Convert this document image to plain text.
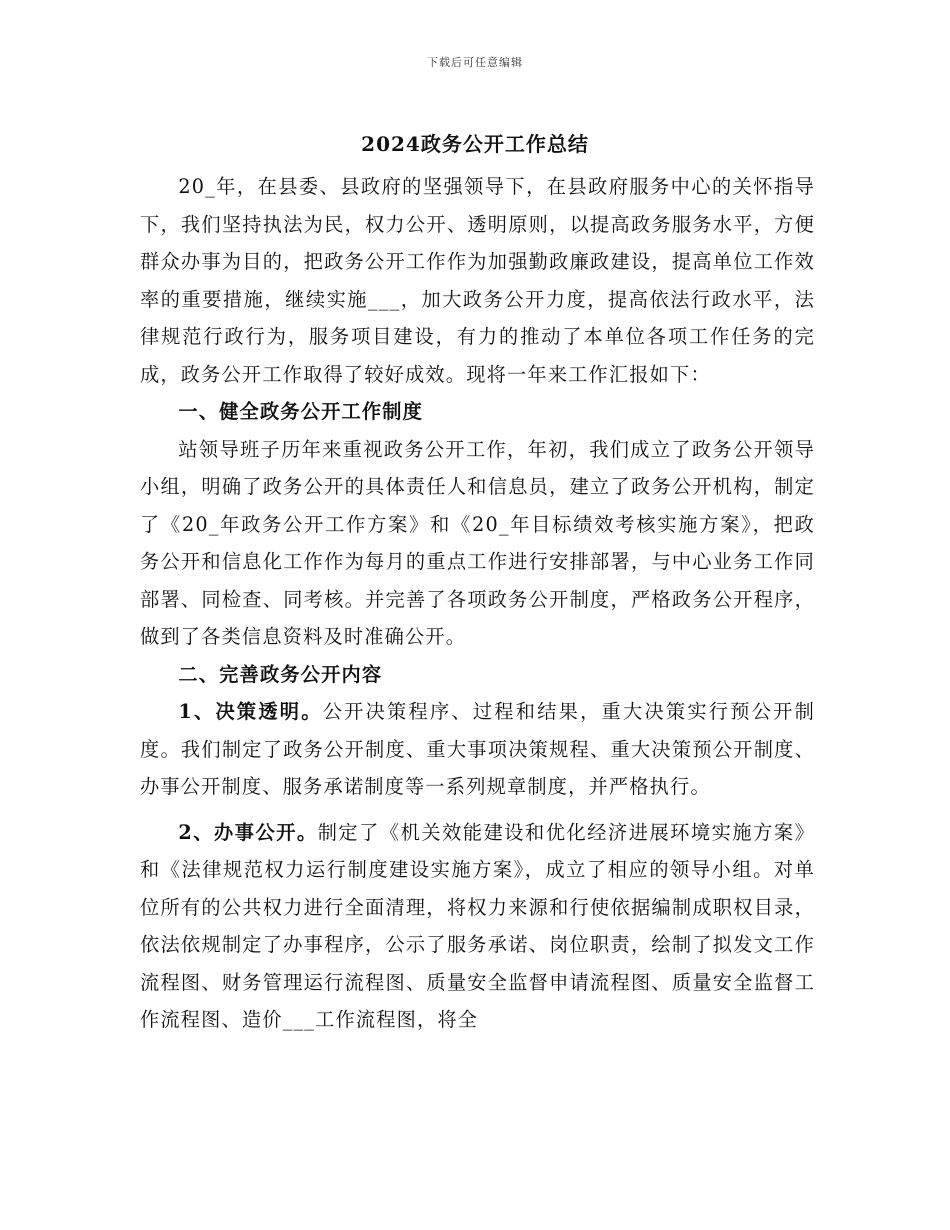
下载后可任意编辑
2024政务公开工作总结

20_年，在县委、县政府的坚强领导下，在县政府服务中心的关怀指导下，我们坚持执法为民，权力公开、透明原则，以提高政务服务水平，方便群众办事为目的，把政务公开工作作为加强勤政廉政建设，提高单位工作效率的重要措施，继续实施___，加大政务公开力度，提高依法行政水平，法律规范行政行为，服务项目建设，有力的推动了本单位各项工作任务的完成，政务公开工作取得了较好成效。现将一年来工作汇报如下：

一、健全政务公开工作制度

站领导班子历年来重视政务公开工作，年初，我们成立了政务公开领导小组，明确了政务公开的具体责任人和信息员，建立了政务公开机构，制定了《20_年政务公开工作方案》和《20_年目标绩效考核实施方案》，把政务公开和信息化工作作为每月的重点工作进行安排部署，与中心业务工作同部署、同检查、同考核。并完善了各项政务公开制度，严格政务公开程序，做到了各类信息资料及时准确公开。

二、完善政务公开内容

1、决策透明。公开决策程序、过程和结果，重大决策实行预公开制度。我们制定了政务公开制度、重大事项决策规程、重大决策预公开制度、办事公开制度、服务承诺制度等一系列规章制度，并严格执行。

2、办事公开。制定了《机关效能建设和优化经济进展环境实施方案》和《法律规范权力运行制度建设实施方案》，成立了相应的领导小组。对单位所有的公共权力进行全面清理，将权力来源和行使依据编制成职权目录，依法依规制定了办事程序，公示了服务承诺、岗位职责，绘制了拟发文工作流程图、财务管理运行流程图、质量安全监督申请流程图、质量安全监督工作流程图、造价___工作流程图，将全
